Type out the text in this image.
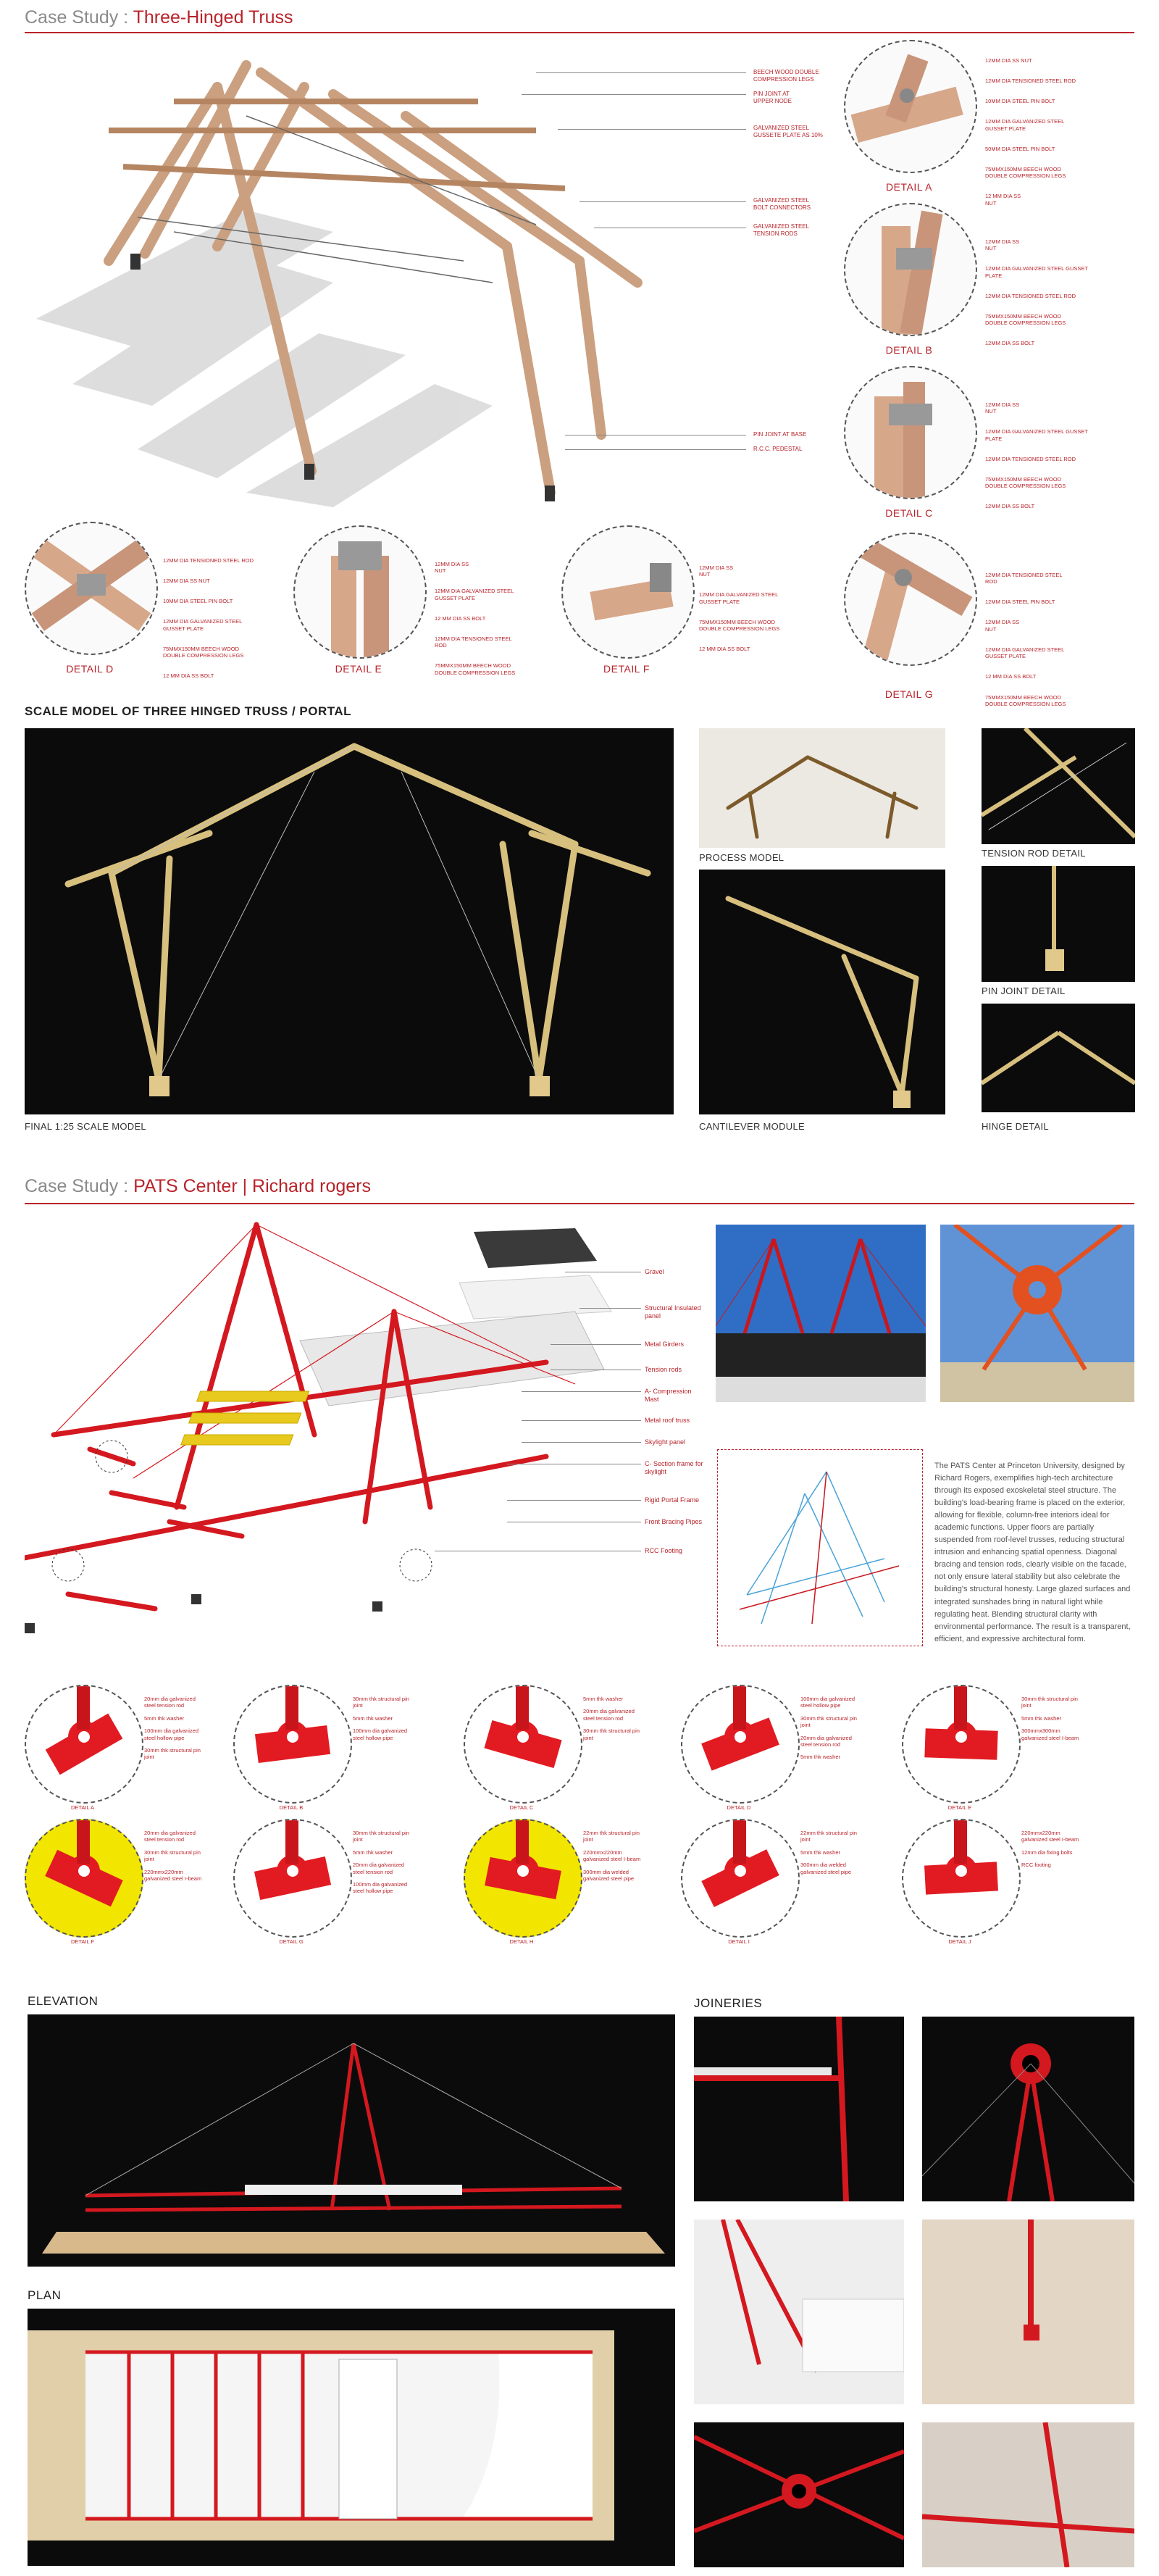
Case Study : Three-Hinged Truss
BEECH WOOD DOUBLE
COMPRESSION LEGS
PIN JOINT AT
UPPER NODE
GALVANIZED STEEL
GUSSETE PLATE AS 10%
GALVANIZED STEEL
BOLT CONNECTORS
GALVANIZED STEEL
TENSION RODS
PIN JOINT AT BASE
R.C.C. PEDESTAL
DETAIL A

12MM DIA SS NUT

12MM DIA TENSIONED STEEL ROD

10MM DIA STEEL PIN BOLT

12MM DIA GALVANIZED STEEL
GUSSET PLATE

50MM DIA STEEL PIN BOLT

75MMX150MM BEECH WOOD
DOUBLE COMPRESSION LEGS

12 MM DIA SS
NUT

DETAIL B

12MM DIA SS
NUT

12MM DIA GALVANIZED STEEL GUSSET
PLATE

12MM DIA TENSIONED STEEL ROD

75MMX150MM BEECH WOOD
DOUBLE COMPRESSION LEGS

12MM DIA SS BOLT

DETAIL C

12MM DIA SS
NUT

12MM DIA GALVANIZED STEEL GUSSET
PLATE

12MM DIA TENSIONED STEEL ROD

75MMX150MM BEECH WOOD
DOUBLE COMPRESSION LEGS

12MM DIA SS BOLT

DETAIL D

12MM DIA TENSIONED STEEL ROD

12MM DIA SS NUT

10MM DIA STEEL PIN BOLT

12MM DIA GALVANIZED STEEL
GUSSET PLATE

75MMX150MM BEECH WOOD
DOUBLE COMPRESSION LEGS

12 MM DIA SS BOLT

DETAIL E

12MM DIA SS
NUT

12MM DIA GALVANIZED STEEL
GUSSET PLATE

12 MM DIA SS BOLT

12MM DIA TENSIONED STEEL
ROD

75MMX150MM BEECH WOOD
DOUBLE COMPRESSION LEGS	DETAIL F

12MM DIA SS
NUT

12MM DIA GALVANIZED STEEL
GUSSET PLATE

75MMX150MM BEECH WOOD
DOUBLE COMPRESSION LEGS

12 MM DIA SS BOLT

DETAIL G

12MM DIA TENSIONED STEEL
ROD

12MM DIA STEEL PIN BOLT

12MM DIA SS
NUT

12MM DIA GALVANIZED STEEL
GUSSET PLATE

12 MM DIA SS BOLT

75MMX150MM BEECH WOOD
DOUBLE COMPRESSION LEGS

SCALE MODEL OF THREE HINGED TRUSS / PORTAL
FINAL 1:25 SCALE MODEL
PROCESS MODEL
CANTILEVER MODULE
TENSION ROD DETAIL
PIN JOINT DETAIL
HINGE DETAIL
Case Study : PATS Center | Richard rogers
Gravel
Structural Insulated
panel
Metal Girders
Tension rods
A- Compression
Mast
Metal roof truss
Skylight panel
C- Section frame for
skylight
Rigid Portal Frame
Front Bracing Pipes
RCC Footing
The PATS Center at Princeton University, designed by Richard Rogers, exemplifies high-tech architecture through its exposed exoskeletal steel structure. The building's load-bearing frame is placed on the exterior, allowing for flexible, column-free interiors ideal for academic functions. Upper floors are partially suspended from roof-level trusses, reducing structural intrusion and enhancing spatial openness. Diagonal bracing and tension rods, clearly visible on the facade, not only ensure lateral stability but also celebrate the building's structural honesty. Large glazed surfaces and integrated sunshades bring in natural light while regulating heat. Blending structural clarity with environmental performance. The result is a transparent, efficient, and expressive architectural form.
DETAIL A
20mm dia galvanized
steel tension rod
5mm thk washer
100mm dia galvanized
steel hollow pipe
30mm thk structural pin
joint
DETAIL B
30mm thk structural pin
joint
5mm thk washer
100mm dia galvanized
steel hollow pipe
DETAIL C
5mm thk washer
20mm dia galvanized
steel tension rod
30mm thk structural pin
joint
DETAIL D
100mm dia galvanized
steel hollow pipe
30mm thk structural pin
joint
20mm dia galvanized
steel tension rod
5mm thk washer
DETAIL E
30mm thk structural pin
joint
5mm thk washer
300mmx300mm
galvanized steel I-beam
DETAIL F
20mm dia galvanized
steel tension rod
30mm thk structural pin
joint
220mmx220mm
galvanized steel I-beam
DETAIL G
30mm thk structural pin
joint
5mm thk washer
20mm dia galvanized
steel tension rod
100mm dia galvanized
steel hollow pipe
DETAIL H
22mm thk structural pin
joint
220mmx220mm
galvanized steel I-beam
300mm dia welded
galvanized steel pipe
DETAIL I
22mm thk structural pin
joint
5mm thk washer
300mm dia welded
galvanized steel pipe
DETAIL J
220mmx220mm
galvanized steel I-beam
12mm dia fixing bolts
RCC footing
ELEVATION
PLAN
JOINERIES
